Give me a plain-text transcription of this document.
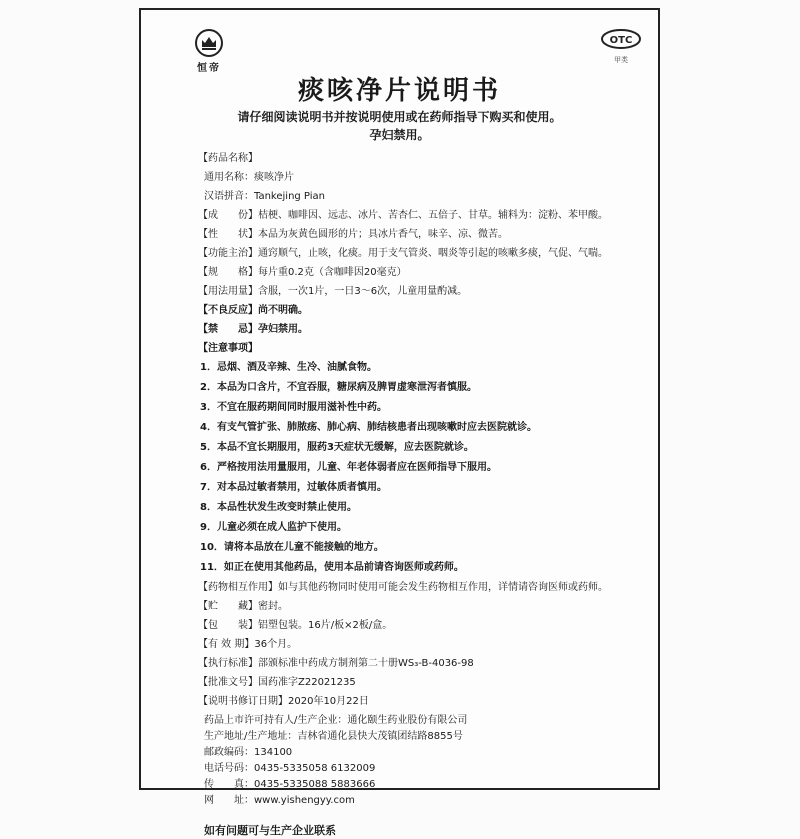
恒帝
OTC
甲类
痰咳净片说明书
请仔细阅读说明书并按说明使用或在药师指导下购买和使用。
孕妇禁用。
【药品名称】
通用名称： 痰咳净片
汉语拼音： Tankejing Pian
【成　　份】 桔梗、咖啡因、远志、冰片、苦杏仁、五倍子、甘草。辅料为：淀粉、苯甲酸。
【性　　状】 本品为灰黄色圆形的片；具冰片香气，味辛、凉、微苦。
【功能主治】 通窍顺气，止咳，化痰。用于支气管炎、咽炎等引起的咳嗽多痰，气促、气喘。
【规　　格】 每片重0.2克（含咖啡因20毫克）
【用法用量】 含服，一次1片，一日3～6次，儿童用量酌减。
【不良反应】 尚不明确。
【禁　　忌】 孕妇禁用。
【注意事项】
1．忌烟、酒及辛辣、生冷、油腻食物。
2．本品为口含片，不宜吞服，糖尿病及脾胃虚寒泄泻者慎服。
3．不宜在服药期间同时服用滋补性中药。
4．有支气管扩张、肺脓疡、肺心病、肺结核患者出现咳嗽时应去医院就诊。
5．本品不宜长期服用，服药3天症状无缓解，应去医院就诊。
6．严格按用法用量服用，儿童、年老体弱者应在医师指导下服用。
7．对本品过敏者禁用，过敏体质者慎用。
8．本品性状发生改变时禁止使用。
9．儿童必须在成人监护下使用。
10．请将本品放在儿童不能接触的地方。
11．如正在使用其他药品，使用本品前请咨询医师或药师。
【药物相互作用】 如与其他药物同时使用可能会发生药物相互作用，详情请咨询医师或药师。
【贮　　藏】 密封。
【包　　装】 铝塑包装。16片/板×2板/盒。
【有 效 期】 36个月。
【执行标准】 部颁标准中药成方制剂第二十册WS₃-B-4036-98
【批准文号】 国药准字Z22021235
【说明书修订日期】 2020年10月22日
药品上市许可持有人/生产企业：通化颐生药业股份有限公司
生产地址/生产地址：吉林省通化县快大茂镇团结路8855号
邮政编码：134100
电话号码：0435-5335058 6132009
传　　真：0435-5335088 5883666
网　　址：www.yishengyy.com
如有问题可与生产企业联系
